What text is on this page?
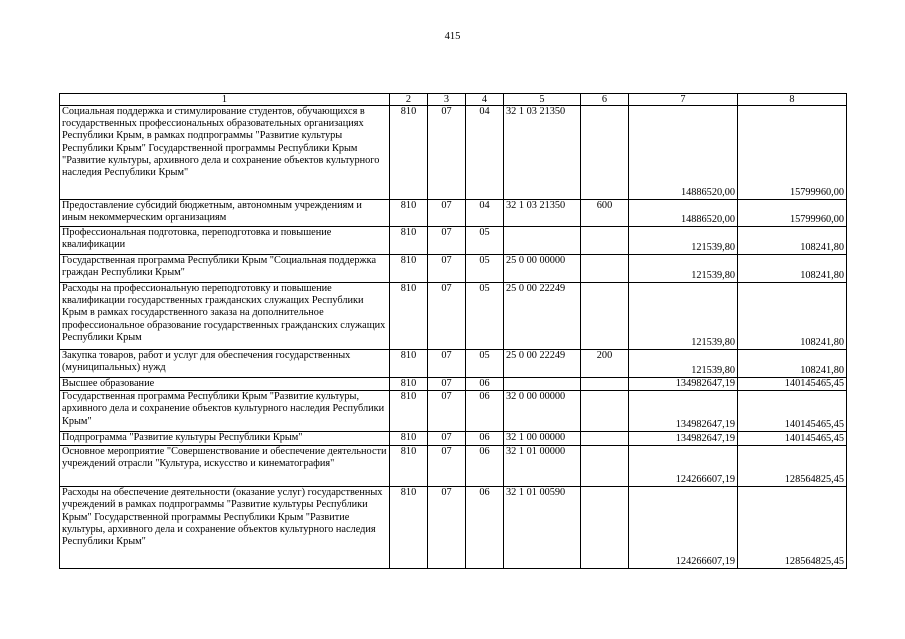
415
1	2	3	4	5	6	7	8
Социальная поддержка и стимулирование студентов, обучающихся в государственных профессиональных образовательных организациях Республики Крым, в рамках подпрограммы "Развитие культуры Республики Крым" Государственной программы Республики Крым "Развитие культуры, архивного дела и сохранение объектов культурного наследия Республики Крым"	810	07	04	32 1 03 21350		14886520,00	15799960,00
Предоставление субсидий бюджетным, автономным учреждениям и иным некоммерческим организациям	810	07	04	32 1 03 21350	600	14886520,00	15799960,00
Профессиональная подготовка, переподготовка и повышение квалификации	810	07	05			121539,80	108241,80
Государственная программа Республики Крым "Социальная поддержка граждан Республики Крым"	810	07	05	25 0 00 00000		121539,80	108241,80
Расходы на профессиональную переподготовку и повышение квалификации государственных гражданских служащих Республики Крым в рамках государственного заказа на дополнительное профессиональное образование государственных гражданских служащих Республики Крым	810	07	05	25 0 00 22249		121539,80	108241,80
Закупка товаров, работ и услуг для обеспечения государственных (муниципальных) нужд	810	07	05	25 0 00 22249	200	121539,80	108241,80
Высшее образование	810	07	06			134982647,19	140145465,45
Государственная программа Республики Крым "Развитие культуры, архивного дела и сохранение объектов культурного наследия Республики Крым"	810	07	06	32 0 00 00000		134982647,19	140145465,45
Подпрограмма "Развитие культуры Республики Крым"	810	07	06	32 1 00 00000		134982647,19	140145465,45
Основное мероприятие "Совершенствование и обеспечение деятельности учреждений отрасли "Культура, искусство и кинематография"	810	07	06	32 1 01 00000		124266607,19	128564825,45
Расходы на обеспечение деятельности (оказание услуг) государственных учреждений в рамках подпрограммы "Развитие культуры Республики Крым" Государственной программы Республики Крым "Развитие культуры, архивного дела и сохранение объектов культурного наследия Республики Крым"	810	07	06	32 1 01 00590		124266607,19	128564825,45
